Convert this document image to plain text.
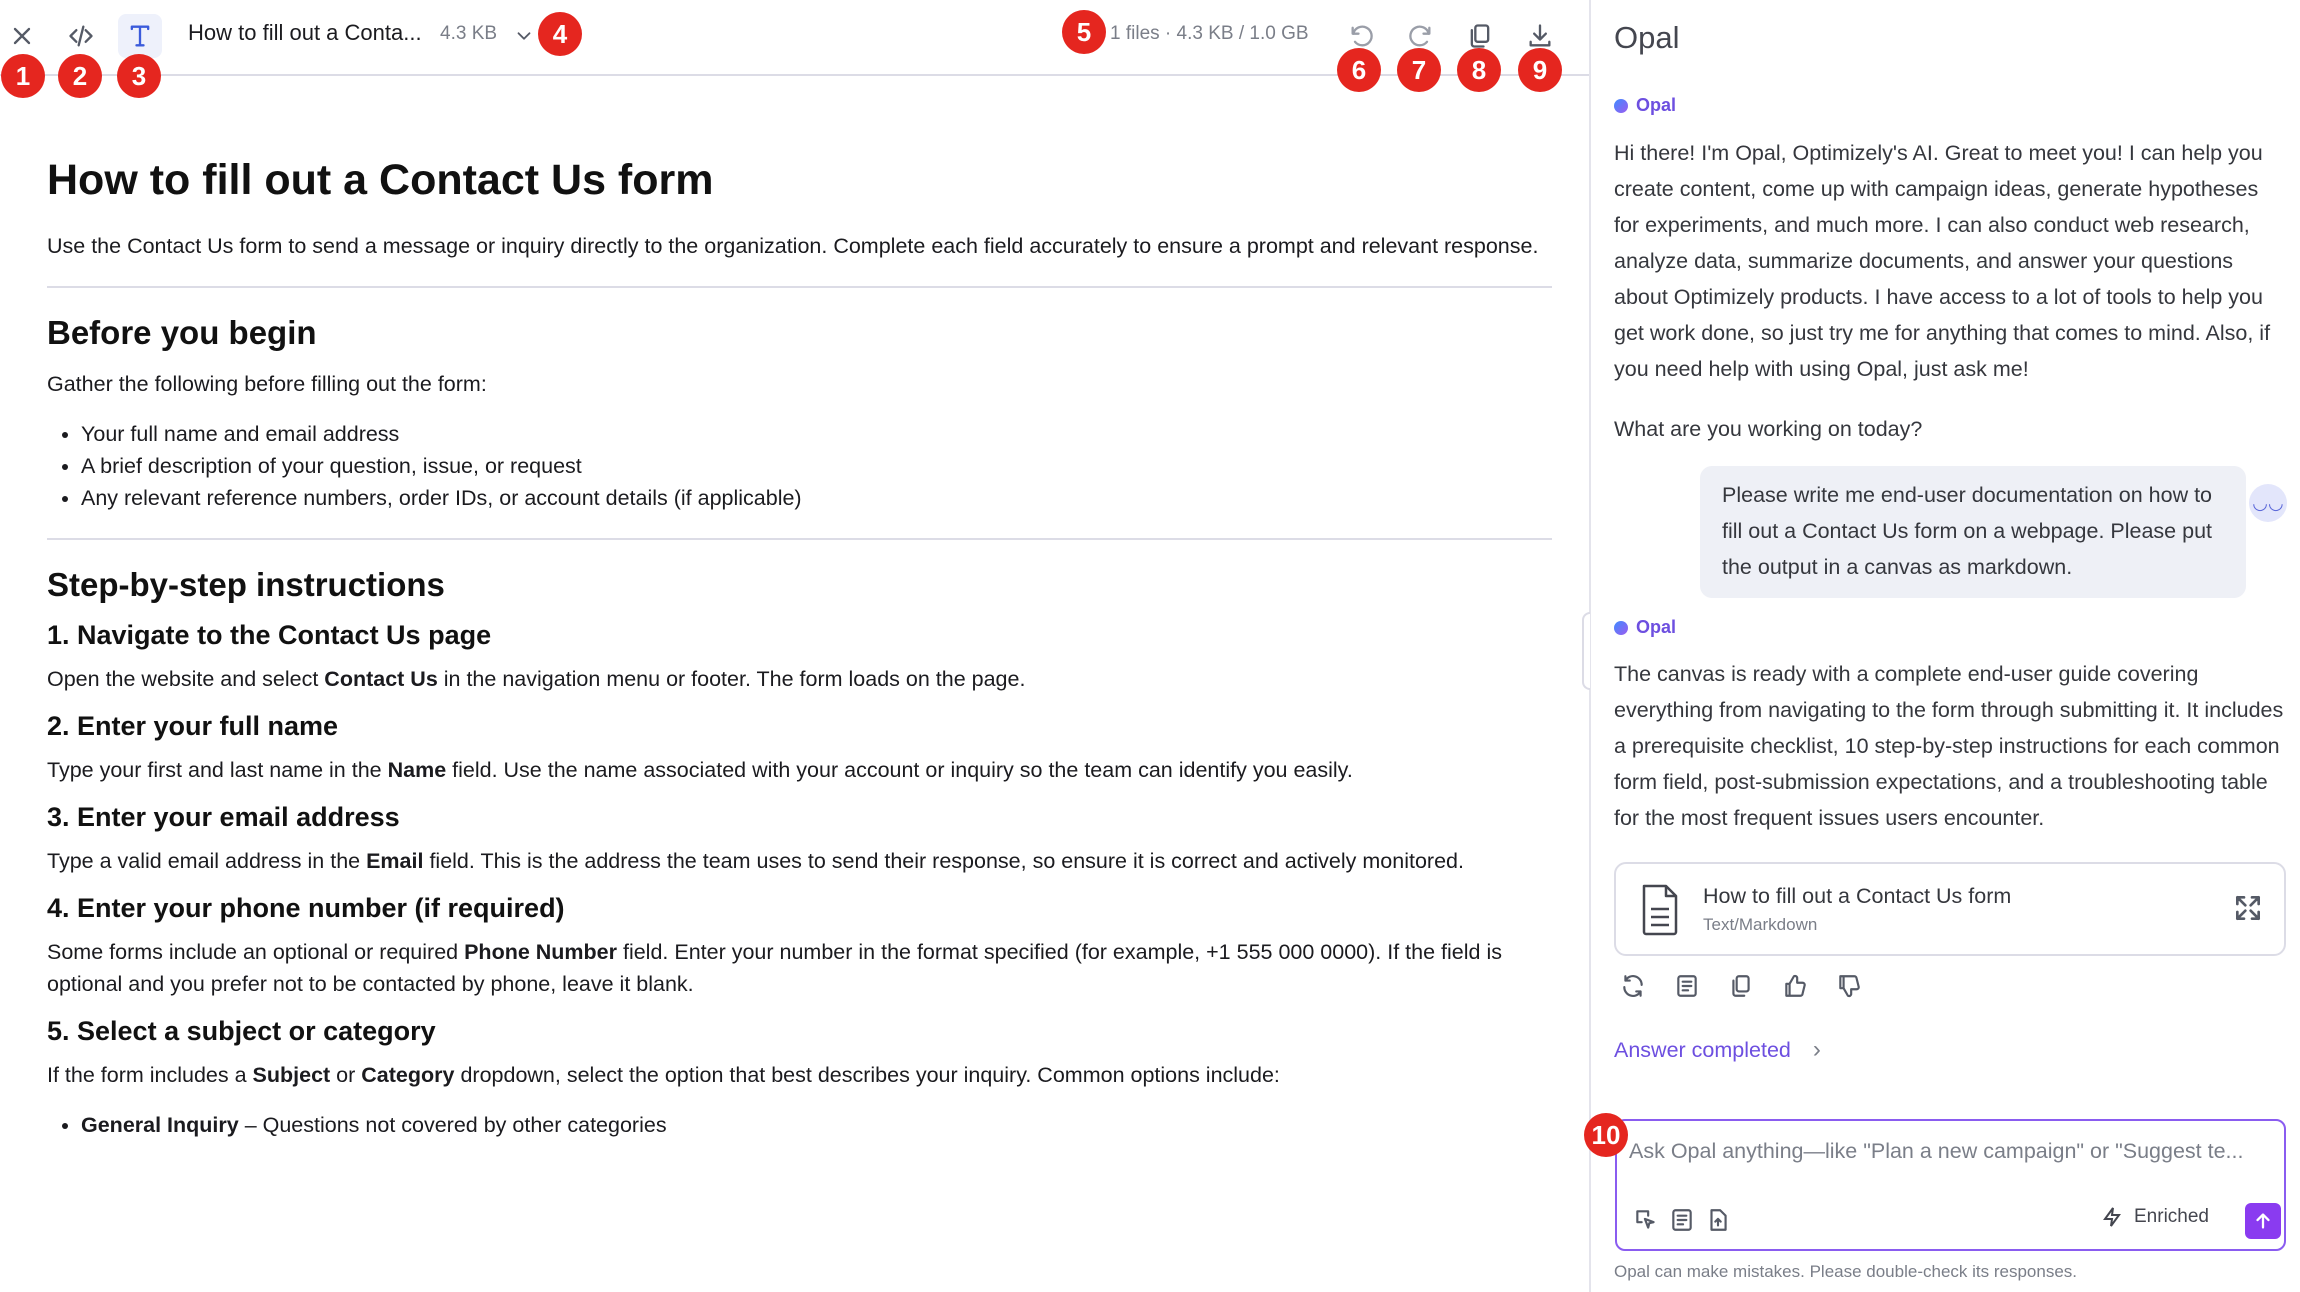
How to fill out a Conta... 4.3 KB	1 files · 4.3 KB / 1.0 GB
How to fill out a Contact Us form

Use the Contact Us form to send a message or inquiry directly to the organization. Complete each field accurately to ensure a prompt and relevant response.

Before you begin

Gather the following before filling out the form:

• Your full name and email address
• A brief description of your question, issue, or request
• Any relevant reference numbers, order IDs, or account details (if applicable)
Step-by-step instructions
1. Navigate to the Contact Us page

Open the website and select Contact Us in the navigation menu or footer. The form loads on the page.

2. Enter your full name

Type your first and last name in the Name field. Use the name associated with your account or inquiry so the team can identify you easily.

3. Enter your email address

Type a valid email address in the Email field. This is the address the team uses to send their response, so ensure it is correct and actively monitored.

4. Enter your phone number (if required)

Some forms include an optional or required Phone Number field. Enter your number in the format specified (for example, +1 555 000 0000). If the field is optional and you prefer not to be contacted by phone, leave it blank.

5. Select a subject or category

If the form includes a Subject or Category dropdown, select the option that best describes your inquiry. Common options include:

• General Inquiry – Questions not covered by other categories
Opal
Opal
Hi there! I'm Opal, Optimizely's AI. Great to meet you! I can help you create content, come up with campaign ideas, generate hypotheses for experiments, and much more. I can also conduct web research, analyze data, summarize documents, and answer your questions about Optimizely products. I have access to a lot of tools to help you get work done, so just try me for anything that comes to mind. Also, if you need help with using Opal, just ask me!
What are you working on today?
Please write me end-user documentation on how to fill out a Contact Us form on a webpage. Please put the output in a canvas as markdown.
◡◡
Opal
The canvas is ready with a complete end-user guide covering everything from navigating to the form through submitting it. It includes a prerequisite checklist, 10 step-by-step instructions for each common form field, post-submission expectations, and a troubleshooting table for the most frequent issues users encounter.
How to fill out a Contact Us form
Text/Markdown
Answer completed ›
Ask Opal anything—like "Plan a new campaign" or "Suggest te...
Enriched
Opal can make mistakes. Please double-check its responses.
1	2	3
4	5
6	7	8	9
10
